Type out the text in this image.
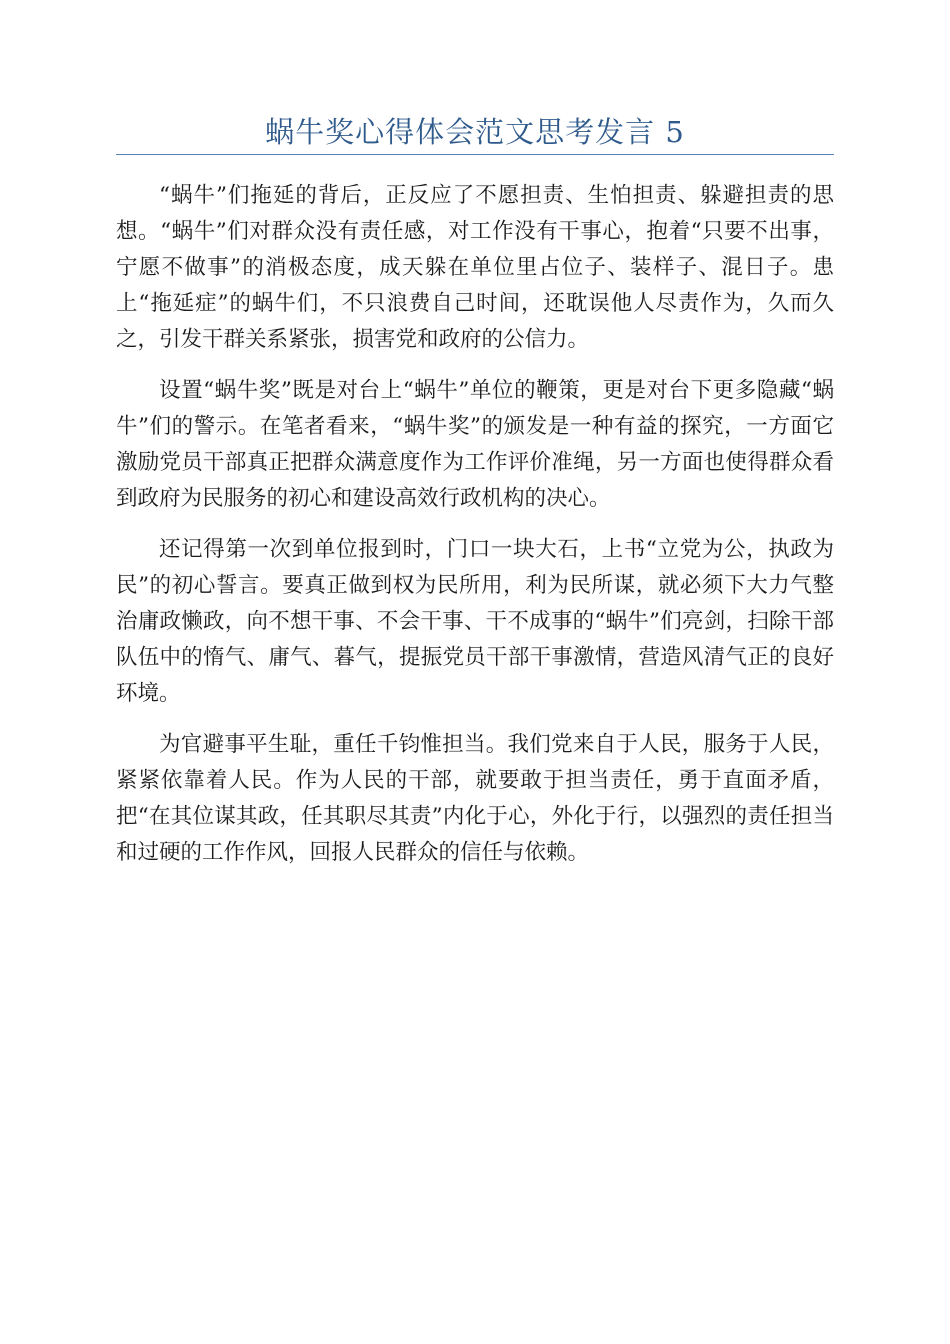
蜗牛奖心得体会范文思考发言 5

“蜗牛”们拖延的背后，正反应了不愿担责、生怕担责、躲避担责的思想。“蜗牛”们对群众没有责任感，对工作没有干事心，抱着“只要不出事，宁愿不做事”的消极态度，成天躲在单位里占位子、装样子、混日子。患上“拖延症”的蜗牛们，不只浪费自己时间，还耽误他人尽责作为，久而久之，引发干群关系紧张，损害党和政府的公信力。

设置“蜗牛奖”既是对台上“蜗牛”单位的鞭策，更是对台下更多隐藏“蜗牛”们的警示。在笔者看来，“蜗牛奖”的颁发是一种有益的探究，一方面它激励党员干部真正把群众满意度作为工作评价准绳，另一方面也使得群众看到政府为民服务的初心和建设高效行政机构的决心。

还记得第一次到单位报到时，门口一块大石，上书“立党为公，执政为民”的初心誓言。要真正做到权为民所用，利为民所谋，就必须下大力气整治庸政懒政，向不想干事、不会干事、干不成事的“蜗牛”们亮剑，扫除干部队伍中的惰气、庸气、暮气，提振党员干部干事激情，营造风清气正的良好环境。

为官避事平生耻，重任千钧惟担当。我们党来自于人民，服务于人民，紧紧依靠着人民。作为人民的干部，就要敢于担当责任，勇于直面矛盾，把“在其位谋其政，任其职尽其责”内化于心，外化于行，以强烈的责任担当和过硬的工作作风，回报人民群众的信任与依赖。
